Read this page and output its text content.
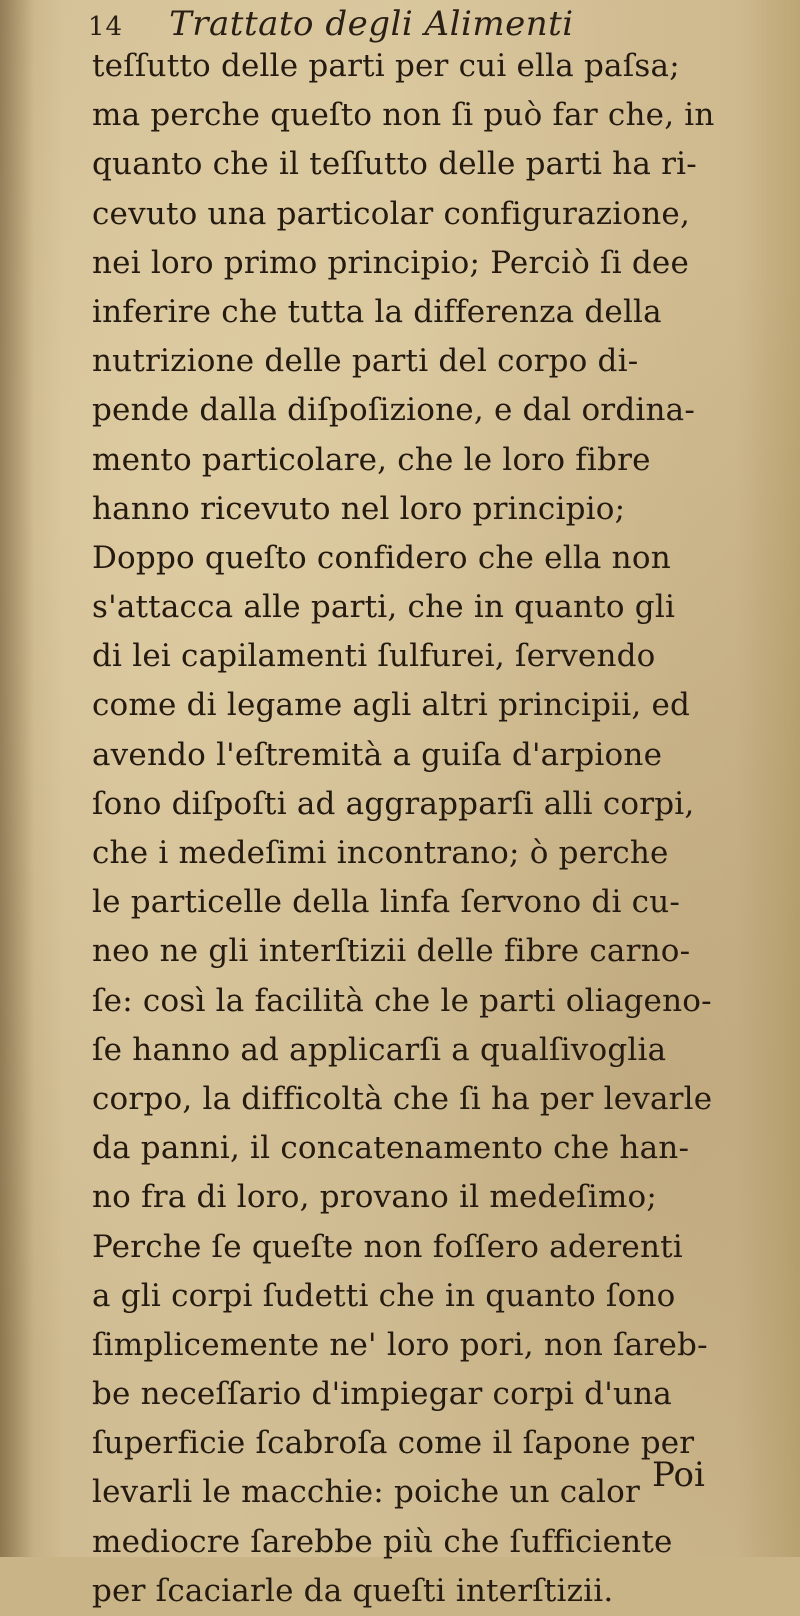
14 Trattato degli Alimenti
teſſutto delle parti per cui ella paſsa;
ma perche queſto non ſi può far che, in
quanto che il teſſutto delle parti ha ri-
cevuto una particolar configurazione,
nei loro primo principio; Perciò ſi dee
inferire che tutta la differenza della
nutrizione delle parti del corpo di-
pende dalla diſpoſizione, e dal ordina-
mento particolare, che le loro fibre
hanno ricevuto nel loro principio;
Doppo queſto confidero che ella non
s'attacca alle parti, che in quanto gli
di lei capilamenti ſulfurei, ſervendo
come di legame agli altri principii, ed
avendo l'eſtremità a guiſa d'arpione
ſono diſpoſti ad aggrapparſi alli corpi,
che i medeſimi incontrano; ò perche
le particelle della linfa ſervono di cu-
neo ne gli interſtizii delle fibre carno-
ſe: così la facilità che le parti oliageno-
ſe hanno ad applicarſi a qualſivoglia
corpo, la difficoltà che ſi ha per levarle
da panni, il concatenamento che han-
no fra di loro, provano il medeſimo;
Perche ſe queſte non foſſero aderenti
a gli corpi ſudetti che in quanto ſono
ſimplicemente ne' loro pori, non ſareb-
be neceſſario d'impiegar corpi d'una
ſuperficie ſcabroſa come il ſapone per
levarli le macchie: poiche un calor
mediocre ſarebbe più che ſufficiente
per ſcaciarle da queſti interſtizii.
Poi
